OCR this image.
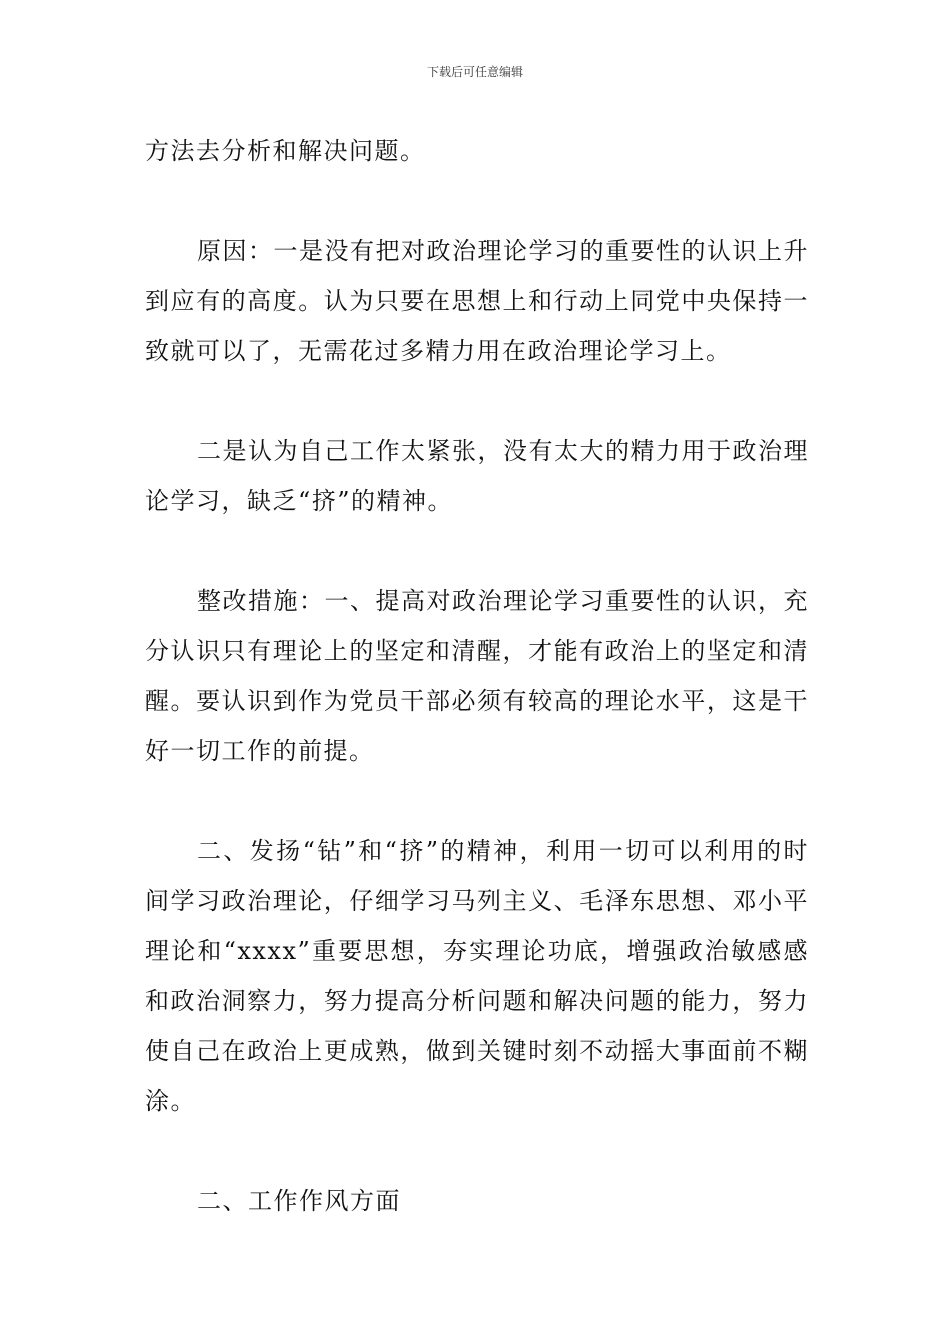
下载后可任意编辑

方法去分析和解决问题。

原因：一是没有把对政治理论学习的重要性的认识上升到应有的高度。认为只要在思想上和行动上同党中央保持一致就可以了，无需花过多精力用在政治理论学习上。

二是认为自己工作太紧张，没有太大的精力用于政治理论学习，缺乏“挤”的精神。

整改措施：一、提高对政治理论学习重要性的认识，充分认识只有理论上的坚定和清醒，才能有政治上的坚定和清醒。要认识到作为党员干部必须有较高的理论水平，这是干好一切工作的前提。

二、发扬“钻”和“挤”的精神，利用一切可以利用的时间学习政治理论，仔细学习马列主义、毛泽东思想、邓小平理论和“xxxx”重要思想，夯实理论功底，增强政治敏感感和政治洞察力，努力提高分析问题和解决问题的能力，努力使自己在政治上更成熟，做到关键时刻不动摇大事面前不糊涂。

二、工作作风方面
